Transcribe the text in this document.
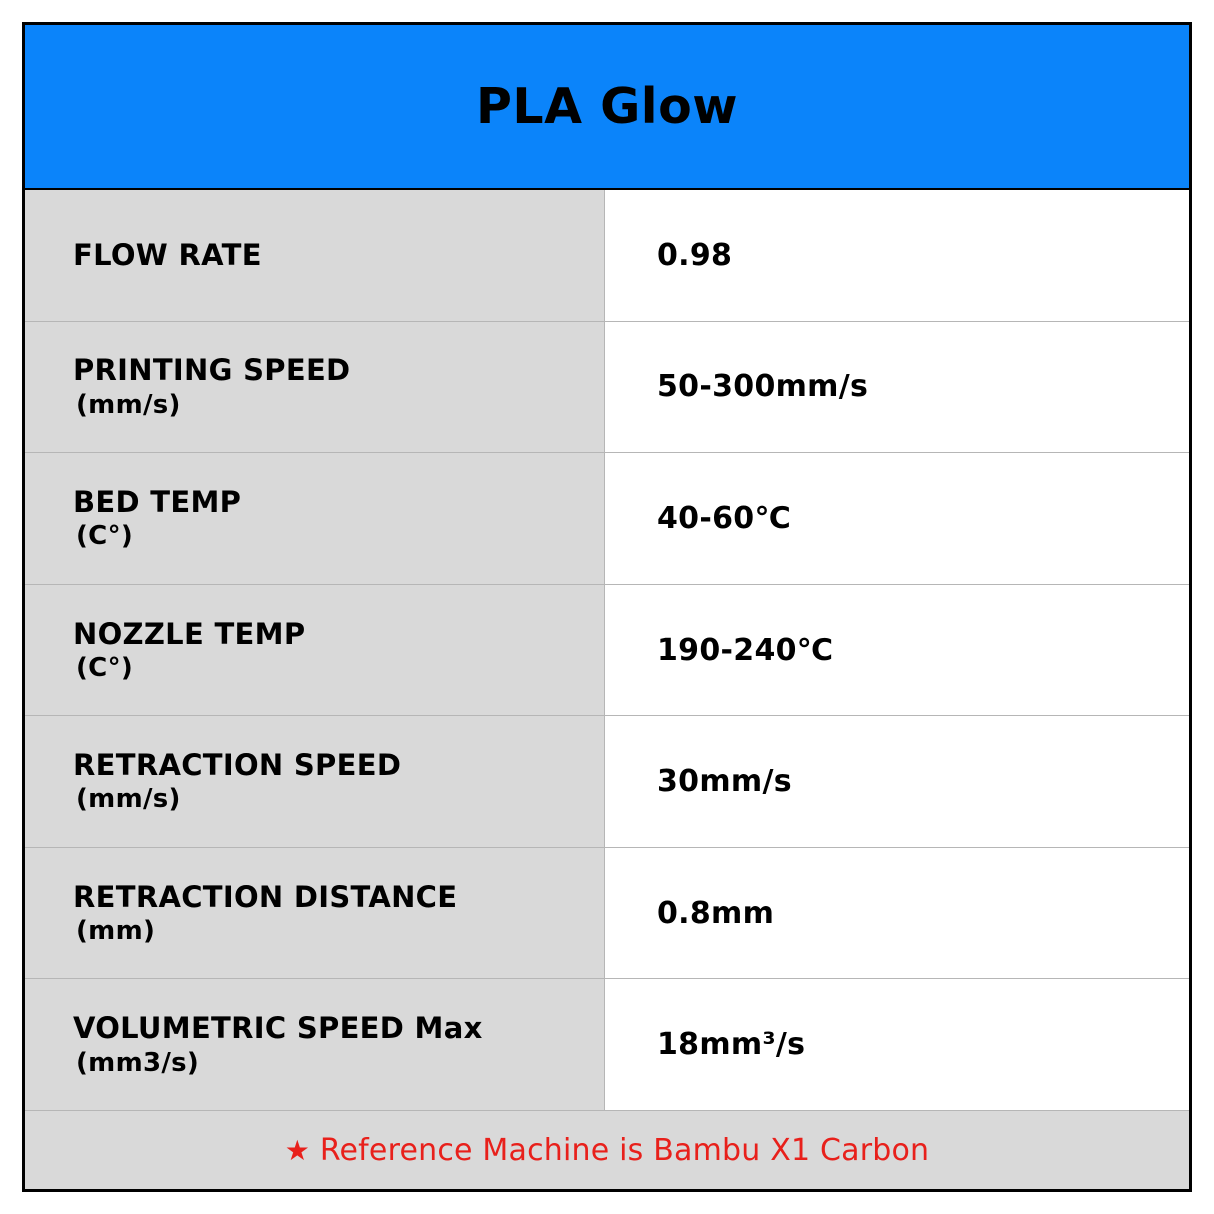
PLA Glow
FLOW RATE	0.98
PRINTING SPEED
(mm/s)
50-300mm/s
BED TEMP
(C°)
40-60℃
NOZZLE TEMP
(C°)
190-240℃
RETRACTION SPEED
(mm/s)
30mm/s
RETRACTION DISTANCE
(mm)
0.8mm
VOLUMETRIC SPEED Max
(mm3/s)
18mm³/s
★ Reference Machine is Bambu X1 Carbon
